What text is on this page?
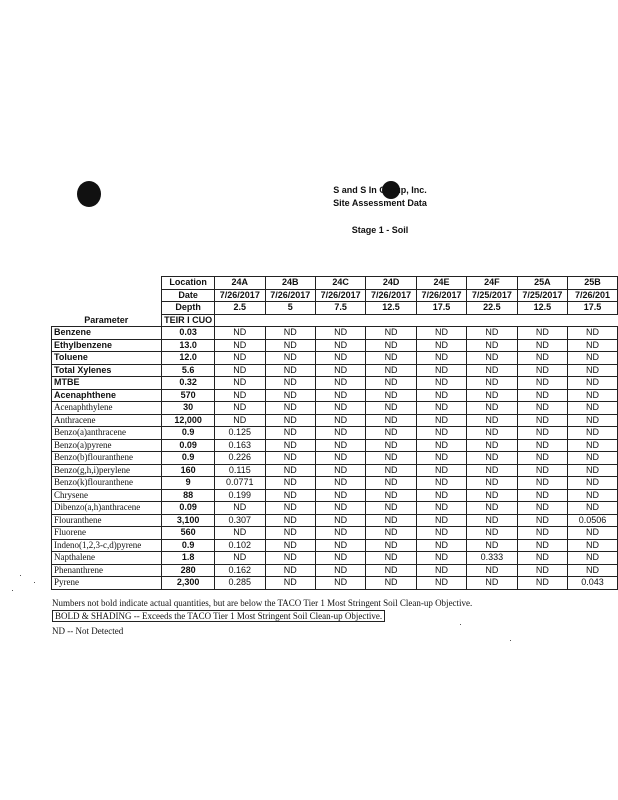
S and S In Group, Inc.
Site Assessment Data
Stage 1 - Soil
	Location	24A	24B	24C	24D	24E	24F	25A	25B
	Date	7/26/2017	7/26/2017	7/26/2017	7/26/2017	7/26/2017	7/25/2017	7/25/2017	7/26/201
	Depth	2.5	5	7.5	12.5	17.5	22.5	12.5	17.5
Parameter	TEIR I CUO								
Benzene	0.03	ND	ND	ND	ND	ND	ND	ND	ND
Ethylbenzene	13.0	ND	ND	ND	ND	ND	ND	ND	ND
Toluene	12.0	ND	ND	ND	ND	ND	ND	ND	ND
Total Xylenes	5.6	ND	ND	ND	ND	ND	ND	ND	ND
MTBE	0.32	ND	ND	ND	ND	ND	ND	ND	ND
Acenaphthene	570	ND	ND	ND	ND	ND	ND	ND	ND
Acenaphthylene	30	ND	ND	ND	ND	ND	ND	ND	ND
Anthracene	12,000	ND	ND	ND	ND	ND	ND	ND	ND
Benzo(a)anthracene	0.9	0.125	ND	ND	ND	ND	ND	ND	ND
Benzo(a)pyrene	0.09	0.163	ND	ND	ND	ND	ND	ND	ND
Benzo(b)flouranthene	0.9	0.226	ND	ND	ND	ND	ND	ND	ND
Benzo(g,h,i)perylene	160	0.115	ND	ND	ND	ND	ND	ND	ND
Benzo(k)flouranthene	9	0.0771	ND	ND	ND	ND	ND	ND	ND
Chrysene	88	0.199	ND	ND	ND	ND	ND	ND	ND
Dibenzo(a,h)anthracene	0.09	ND	ND	ND	ND	ND	ND	ND	ND
Flouranthene	3,100	0.307	ND	ND	ND	ND	ND	ND	0.0506
Fluorene	560	ND	ND	ND	ND	ND	ND	ND	ND
Indeno(1,2,3-c,d)pyrene	0.9	0.102	ND	ND	ND	ND	ND	ND	ND
Napthalene	1.8	ND	ND	ND	ND	ND	0.333	ND	ND
Phenanthrene	280	0.162	ND	ND	ND	ND	ND	ND	ND
Pyrene	2,300	0.285	ND	ND	ND	ND	ND	ND	0.043
Numbers not bold indicate actual quantities, but are below the TACO Tier 1 Most Stringent Soil Clean-up Objective.
BOLD & SHADING -- Exceeds the TACO Tier 1 Most Stringent Soil Clean-up Objective.
ND -- Not Detected
